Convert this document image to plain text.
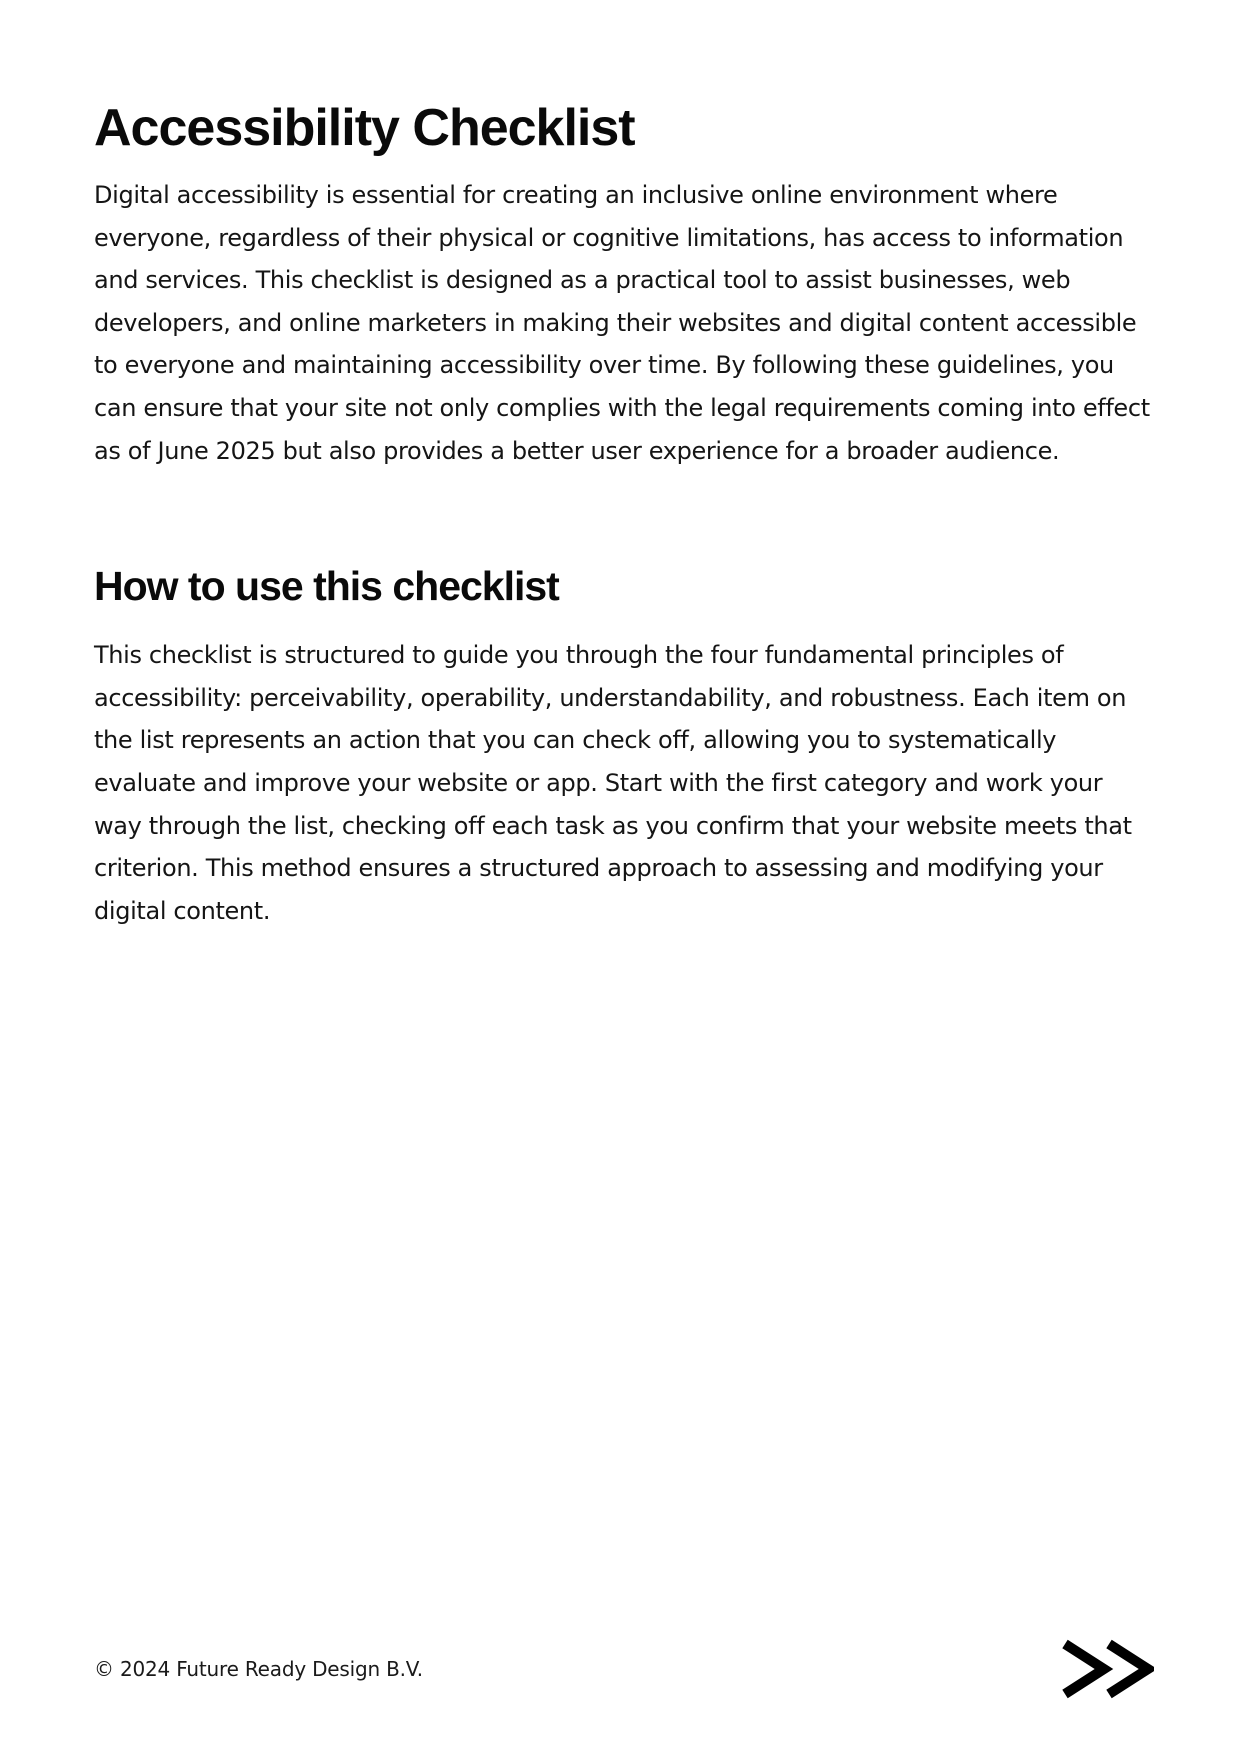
Accessibility Checklist

Digital accessibility is essential for creating an inclusive online environment where everyone, regardless of their physical or cognitive limitations, has access to information and services. This checklist is designed as a practical tool to assist businesses, web developers, and online marketers in making their websites and digital content accessible to everyone and maintaining accessibility over time. By following these guidelines, you can ensure that your site not only complies with the legal requirements coming into effect as of June 2025 but also provides a better user experience for a broader audience.

How to use this checklist

This checklist is structured to guide you through the four fundamental principles of accessibility: perceivability, operability, understandability, and robustness. Each item on the list represents an action that you can check off, allowing you to systematically evaluate and improve your website or app. Start with the first category and work your way through the list, checking off each task as you confirm that your website meets that criterion. This method ensures a structured approach to assessing and modifying your digital content.

© 2024 Future Ready Design B.V.
